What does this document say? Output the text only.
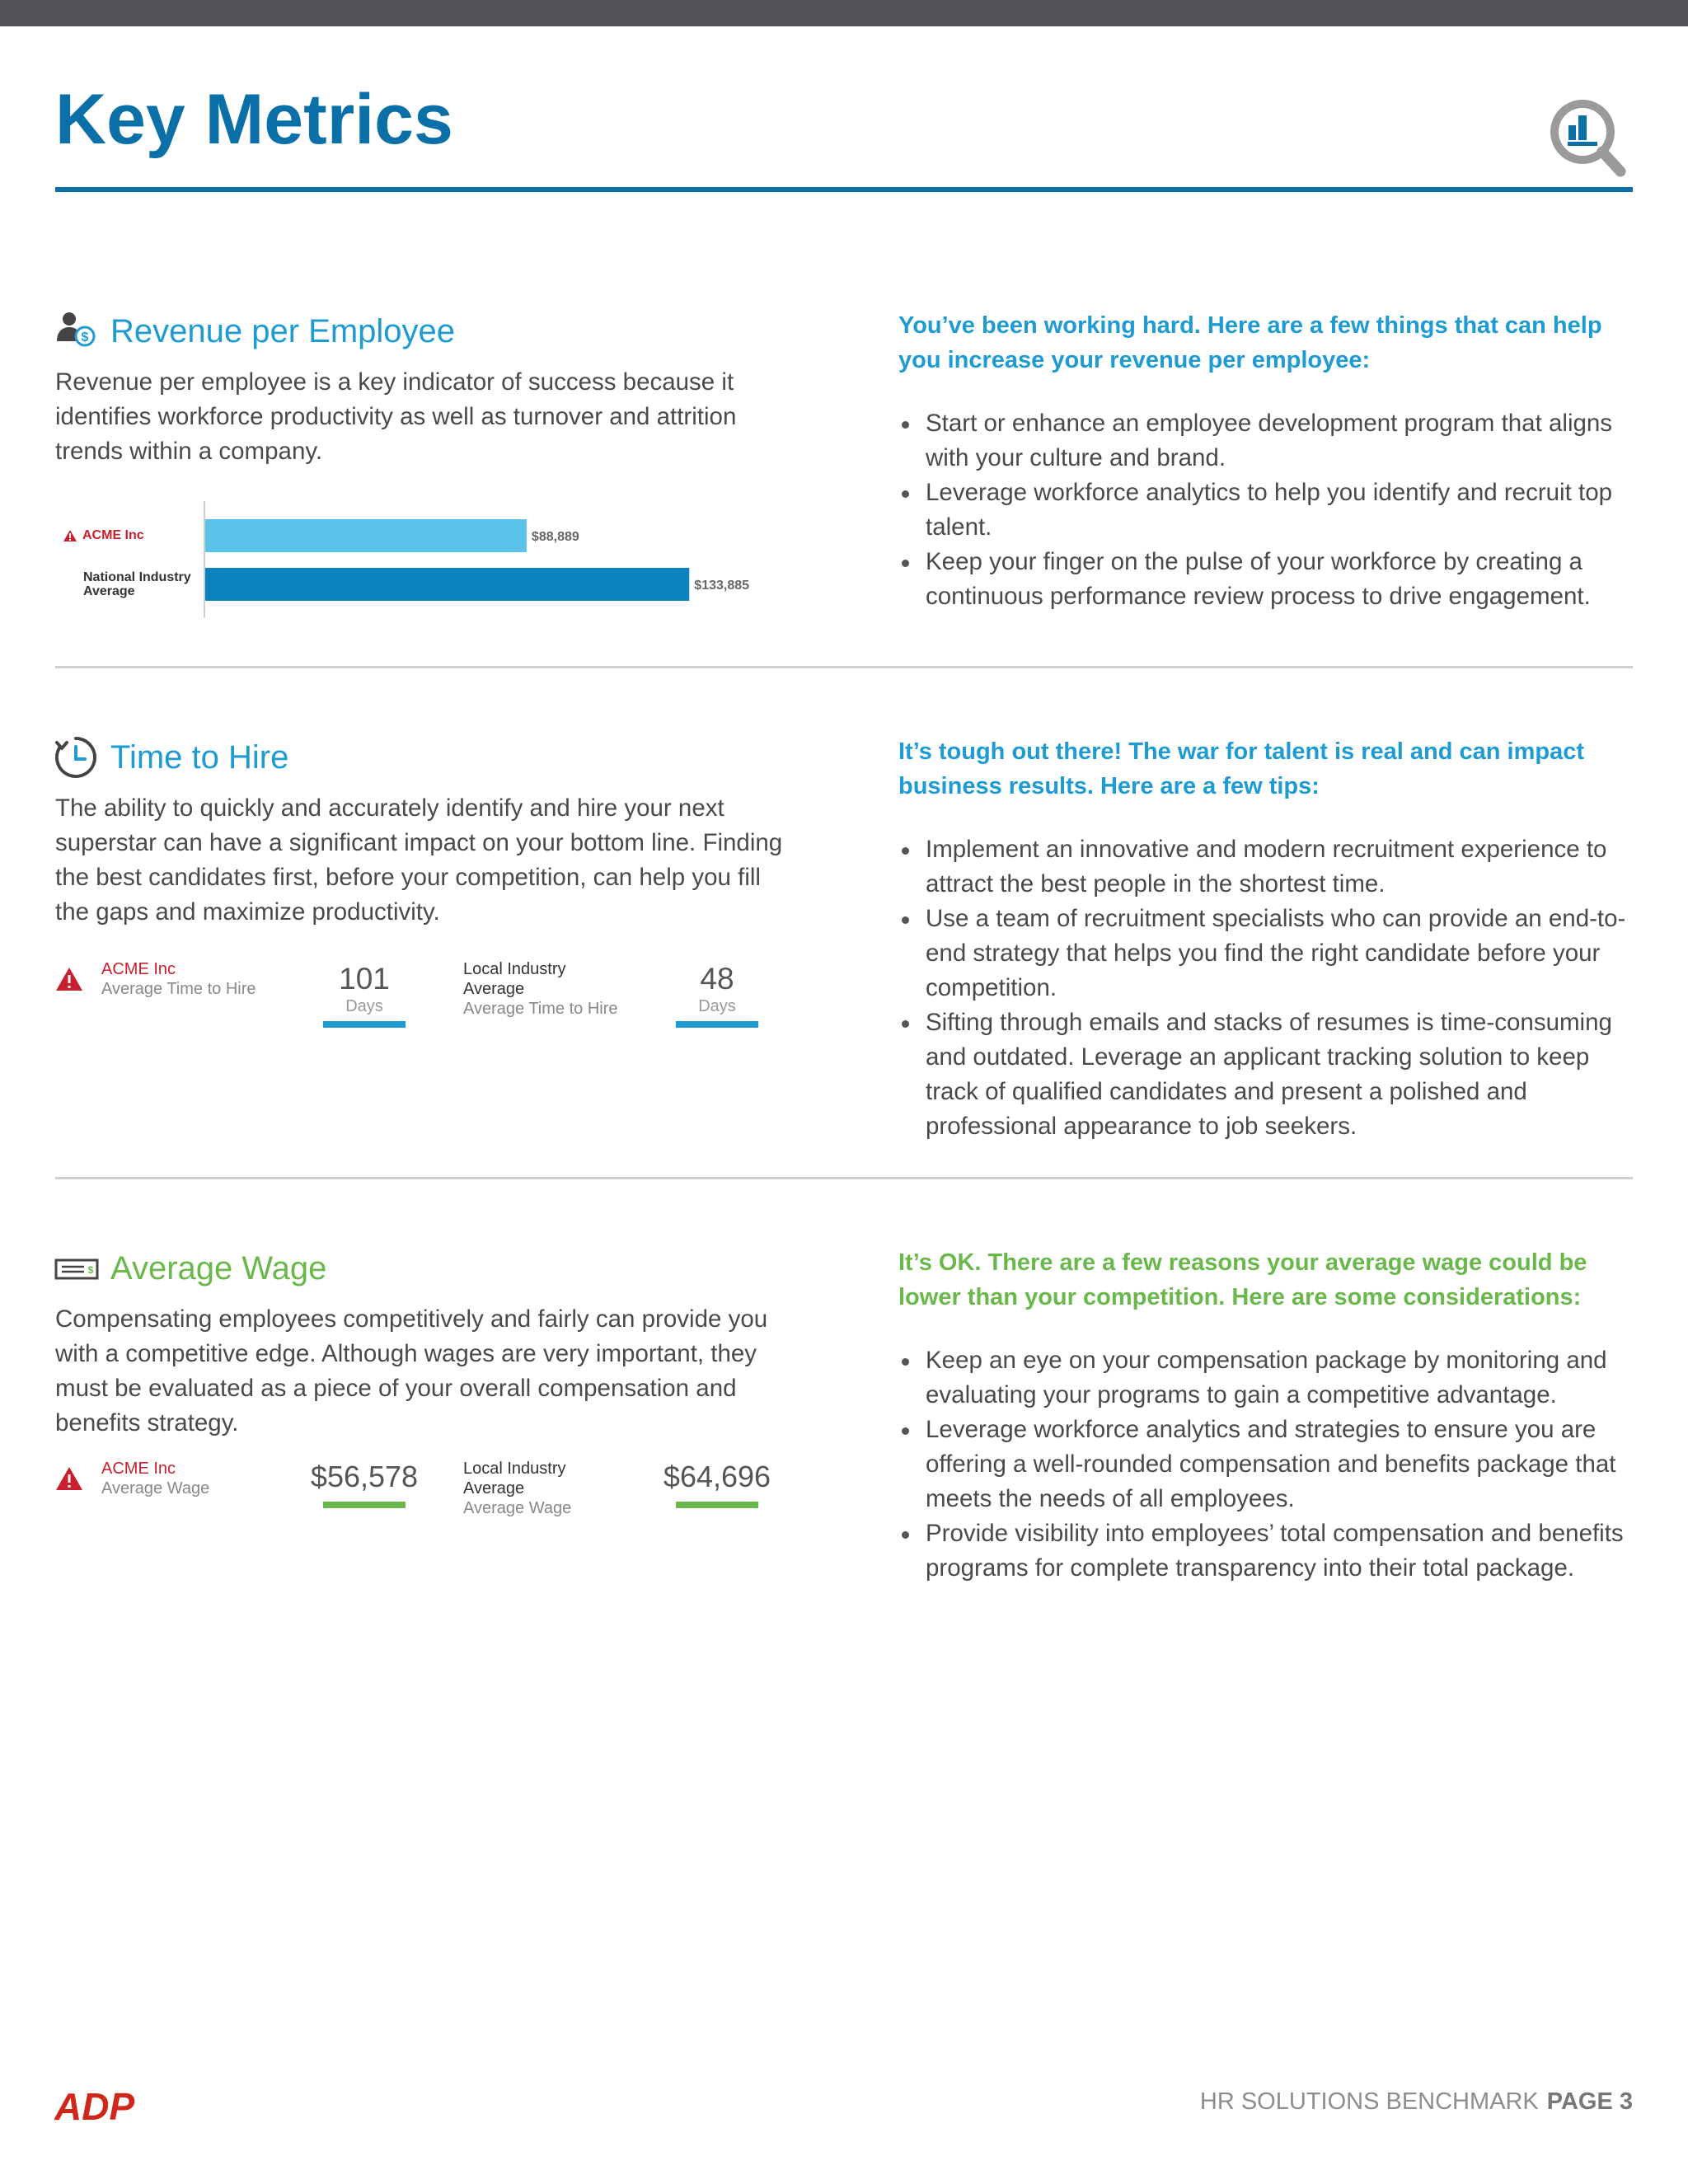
Key Metrics
$ Revenue per Employee

Revenue per employee is a key indicator of success because it identifies workforce productivity as well as turnover and attrition trends within a company.

ACME Inc
National Industry Average
$88,889
$133,885

You’ve been working hard. Here are a few things that can help you increase your revenue per employee:

Start or enhance an employee development program that aligns with your culture and brand.
Leverage workforce analytics to help you identify and recruit top talent.
Keep your finger on the pulse of your workforce by creating a continuous performance review process to drive engagement.
Time to Hire

The ability to quickly and accurately identify and hire your next superstar can have a significant impact on your bottom line. Finding the best candidates first, before your competition, can help you fill the gaps and maximize productivity.

ACME Inc
Average Time to Hire	101
Days
Local Industry
Average
Average Time to Hire
48
Days

It’s tough out there! The war for talent is real and can impact business results. Here are a few tips:

Implement an innovative and modern recruitment experience to attract the best people in the shortest time.
Use a team of recruitment specialists who can provide an end-to-end strategy that helps you find the right candidate before your competition.
Sifting through emails and stacks of resumes is time-consuming and outdated. Leverage an applicant tracking solution to keep track of qualified candidates and present a polished and professional appearance to job seekers.
$ Average Wage

Compensating employees competitively and fairly can provide you with a competitive edge. Although wages are very important, they must be evaluated as a piece of your overall compensation and benefits strategy.

ACME Inc
Average Wage	$56,578	Local Industry
Average
Average Wage
$64,696

It’s OK. There are a few reasons your average wage could be lower than your competition. Here are some considerations:

Keep an eye on your compensation package by monitoring and evaluating your programs to gain a competitive advantage.
Leverage workforce analytics and strategies to ensure you are offering a well-rounded compensation and benefits package that meets the needs of all employees.
Provide visibility into employees’ total compensation and benefits programs for complete transparency into their total package.
ADP	HR SOLUTIONS BENCHMARK PAGE 3
